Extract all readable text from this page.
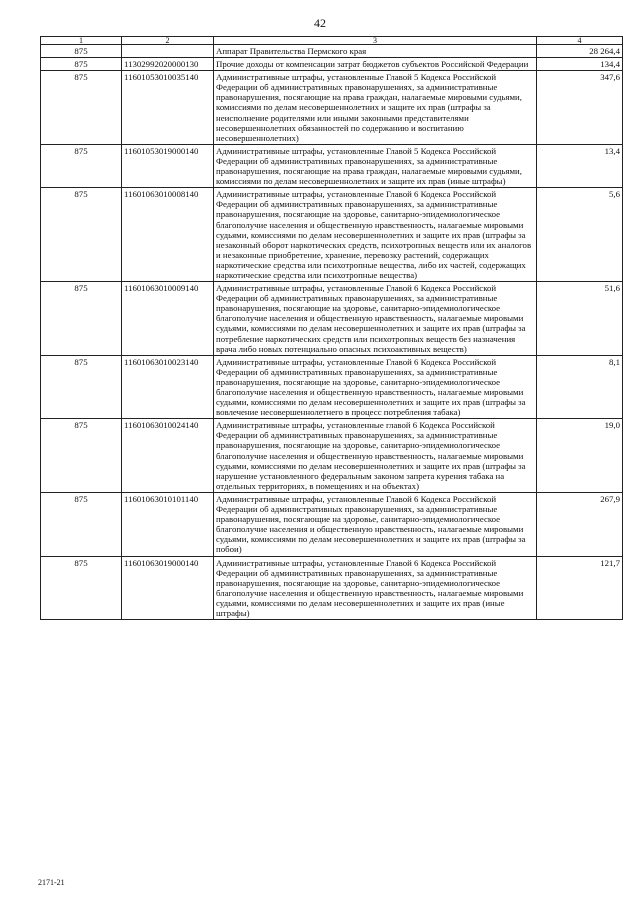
42
1	2	3	4
875		Аппарат Правительства Пермского края	28 264,4
875	11302992020000130	Прочие доходы от компенсации затрат бюджетов субъектов Российской Федерации	134,4
875	11601053010035140	Административные штрафы, установленные Главой 5 Кодекса Российской Федерации об административных правонарушениях, за административные правонарушения, посягающие на права граждан, налагаемые мировыми судьями, комиссиями по делам несовершеннолетних и защите их прав (штрафы за неисполнение родителями или иными законными представителями несовершеннолетних обязанностей по содержанию и воспитанию несовершеннолетних)	347,6
875	11601053019000140	Административные штрафы, установленные Главой 5 Кодекса Российской Федерации об административных правонарушениях, за административные правонарушения, посягающие на права граждан, налагаемые мировыми судьями, комиссиями по делам несовершеннолетних и защите их прав (иные штрафы)	13,4
875	11601063010008140	Административные штрафы, установленные Главой 6 Кодекса Российской Федерации об административных правонарушениях, за административные правонарушения, посягающие на здоровье, санитарно-эпидемиологическое благополучие населения и общественную нравственность, налагаемые мировыми судьями, комиссиями по делам несовершеннолетних и защите их прав (штрафы за незаконный оборот наркотических средств, психотропных веществ или их аналогов и незаконные приобретение, хранение, перевозку растений, содержащих наркотические средства или психотропные вещества, либо их частей, содержащих наркотические средства или психотропные вещества)	5,6
875	11601063010009140	Административные штрафы, установленные Главой 6 Кодекса Российской Федерации об административных правонарушениях, за административные правонарушения, посягающие на здоровье, санитарно-эпидемиологическое благополучие населения и общественную нравственность, налагаемые мировыми судьями, комиссиями по делам несовершеннолетних и защите их прав (штрафы за потребление наркотических средств или психотропных веществ без назначения врача либо новых потенциально опасных психоактивных веществ)	51,6
875	11601063010023140	Административные штрафы, установленные Главой 6 Кодекса Российской Федерации об административных правонарушениях, за административные правонарушения, посягающие на здоровье, санитарно-эпидемиологическое благополучие населения и общественную нравственность, налагаемые мировыми судьями, комиссиями по делам несовершеннолетних и защите их прав (штрафы за вовлечение несовершеннолетнего в процесс потребления табака)	8,1
875	11601063010024140	Административные штрафы, установленные главой 6 Кодекса Российской Федерации об административных правонарушениях, за административные правонарушения, посягающие на здоровье, санитарно-эпидемиологическое благополучие населения и общественную нравственность, налагаемые мировыми судьями, комиссиями по делам несовершеннолетних и защите их прав (штрафы за нарушение установленного федеральным законом запрета курения табака на отдельных территориях, в помещениях и на объектах)	19,0
875	11601063010101140	Административные штрафы, установленные Главой 6 Кодекса Российской Федерации об административных правонарушениях, за административные правонарушения, посягающие на здоровье, санитарно-эпидемиологическое благополучие населения и общественную нравственность, налагаемые мировыми судьями, комиссиями по делам несовершеннолетних и защите их прав (штрафы за побои)	267,9
875	11601063019000140	Административные штрафы, установленные Главой 6 Кодекса Российской Федерации об административных правонарушениях, за административные правонарушения, посягающие на здоровье, санитарно-эпидемиологическое благополучие населения и общественную нравственность, налагаемые мировыми судьями, комиссиями по делам несовершеннолетних и защите их прав (иные штрафы)	121,7
2171-21
